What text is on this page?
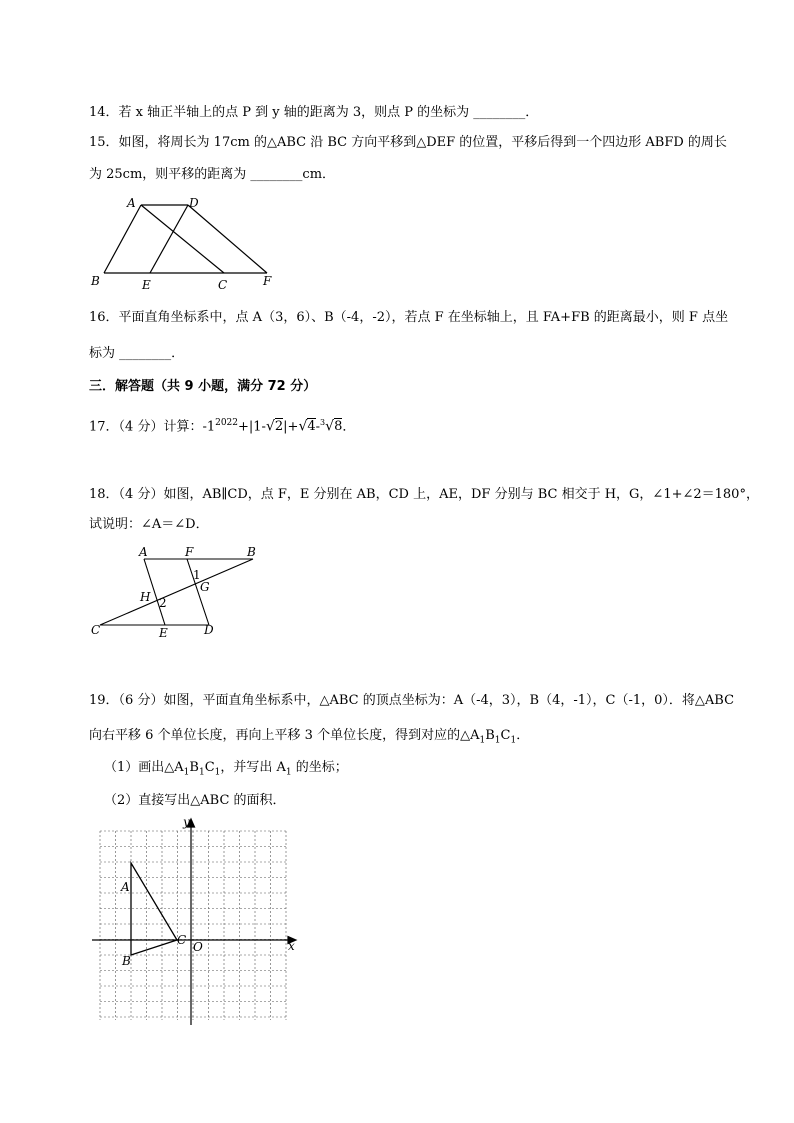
14．若 x 轴正半轴上的点 P 到 y 轴的距离为 3，则点 P 的坐标为 ________．
15．如图，将周长为 17cm 的△ABC 沿 BC 方向平移到△DEF 的位置，平移后得到一个四边形 ABFD 的周长
为 25cm，则平移的距离为 ________cm．
A	D
B	E	C	F
16．平面直角坐标系中，点 A（3，6）、B（-4，-2），若点 F 在坐标轴上，且 FA+FB 的距离最小，则 F 点坐
标为 ________．
三．解答题（共 9 小题，满分 72 分）
17．（4 分）计算：$-1^{2022}+|1-√2|+√4-^3√8$．
18．（4 分）如图，AB∥CD，点 F，E 分别在 AB，CD 上，AE，DF 分别与 BC 相交于 H，G，∠1+∠2＝180°，
试说明：∠A＝∠D．
A	F	B
1
G
H 2
C	E	D
19．（6 分）如图，平面直角坐标系中，△ABC 的顶点坐标为：A（-4，3），B（4，-1），C（-1，0）．将△ABC
向右平移 6 个单位长度，再向上平移 3 个单位长度，得到对应的$\triangle A_1B_1C_1$．
（1）画出$\triangle A_1B_1C_1$，并写出 $A_1$ 的坐标；
（2）直接写出△ABC 的面积．
y
x
A
B
C O
